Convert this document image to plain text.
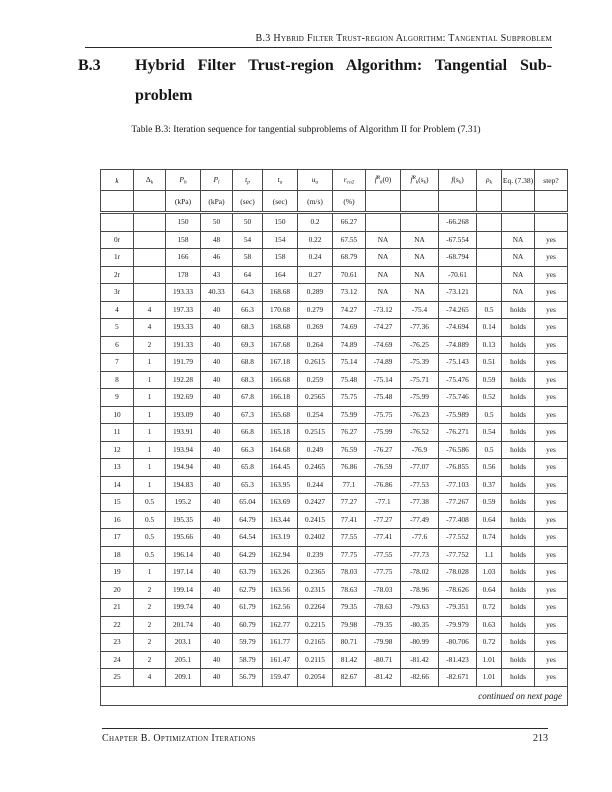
B.3 Hybrid Filter Trust-region Algorithm: Tangential Subproblem
B.3	Hybrid Filter Trust-region Algorithm: Tangential Sub-
problem
Table B.3: Iteration sequence for tangential subproblems of Algorithm II for Problem (7.31)
k	$\Delta_k$	$P_h$	$P_l$	$t_p$	$t_a$	$u_a$	$r_{co2}$	f̃$^R_k$(0)	$f̃^R_k(s_k)$	$f(s_k)$	$\rho_k$	Eq. (7.38)	step?
		(kPa)	(kPa)	(sec)	(sec)	(m/s)	(%)						
		150	50	50	150	0.2	66.27			-66.268			
0r		158	48	54	154	0.22	67.55	NA	NA	-67.554		NA	yes
1r		166	46	58	158	0.24	68.79	NA	NA	-68.794		NA	yes
2r		178	43	64	164	0.27	70.61	NA	NA	-70.61		NA	yes
3r		193.33	40.33	64.3	168.68	0.289	73.12	NA	NA	-73.121		NA	yes
4	4	197.33	40	66.3	170.68	0.279	74.27	-73.12	-75.4	-74.265	0.5	holds	yes
5	4	193.33	40	68.3	168.68	0.269	74.69	-74.27	-77.36	-74.694	0.14	holds	yes
6	2	191.33	40	69.3	167.68	0.264	74.89	-74.69	-76.25	-74.889	0.13	holds	yes
7	1	191.79	40	68.8	167.18	0.2615	75.14	-74.89	-75.39	-75.143	0.51	holds	yes
8	1	192.28	40	68.3	166.68	0.259	75.48	-75.14	-75.71	-75.476	0.59	holds	yes
9	1	192.69	40	67.8	166.18	0.2565	75.75	-75.48	-75.99	-75.746	0.52	holds	yes
10	1	193.09	40	67.3	165.68	0.254	75.99	-75.75	-76.23	-75.989	0.5	holds	yes
11	1	193.91	40	66.8	165.18	0.2515	76.27	-75.99	-76.52	-76.271	0.54	holds	yes
12	1	193.94	40	66.3	164.68	0.249	76.59	-76.27	-76.9	-76.586	0.5	holds	yes
13	1	194.94	40	65.8	164.45	0.2465	76.86	-76.59	-77.07	-76.855	0.56	holds	yes
14	1	194.83	40	65.3	163.95	0.244	77.1	-76.86	-77.53	-77.103	0.37	holds	yes
15	0.5	195.2	40	65.04	163.69	0.2427	77.27	-77.1	-77.38	-77.267	0.59	holds	yes
16	0.5	195.35	40	64.79	163.44	0.2415	77.41	-77.27	-77.49	-77.408	0.64	holds	yes
17	0.5	195.66	40	64.54	163.19	0.2402	77.55	-77.41	-77.6	-77.552	0.74	holds	yes
18	0.5	196.14	40	64.29	162.94	0.239	77.75	-77.55	-77.73	-77.752	1.1	holds	yes
19	1	197.14	40	63.79	163.26	0.2365	78.03	-77.75	-78.02	-78.028	1.03	holds	yes
20	2	199.14	40	62.79	163.56	0.2315	78.63	-78.03	-78.96	-78.626	0.64	holds	yes
21	2	199.74	40	61.79	162.56	0.2264	79.35	-78.63	-79.63	-79.351	0.72	holds	yes
22	2	201.74	40	60.79	162.77	0.2215	79.98	-79.35	-80.35	-79.979	0.63	holds	yes
23	2	203.1	40	59.79	161.77	0.2165	80.71	-79.98	-80.99	-80.706	0.72	holds	yes
24	2	205.1	40	58.79	161.47	0.2115	81.42	-80.71	-81.42	-81.423	1.01	holds	yes
25	4	209.1	40	56.79	159.47	0.2054	82.67	-81.42	-82.66	-82.671	1.01	holds	yes
continued on next page													
Chapter B. Optimization Iterations	213
